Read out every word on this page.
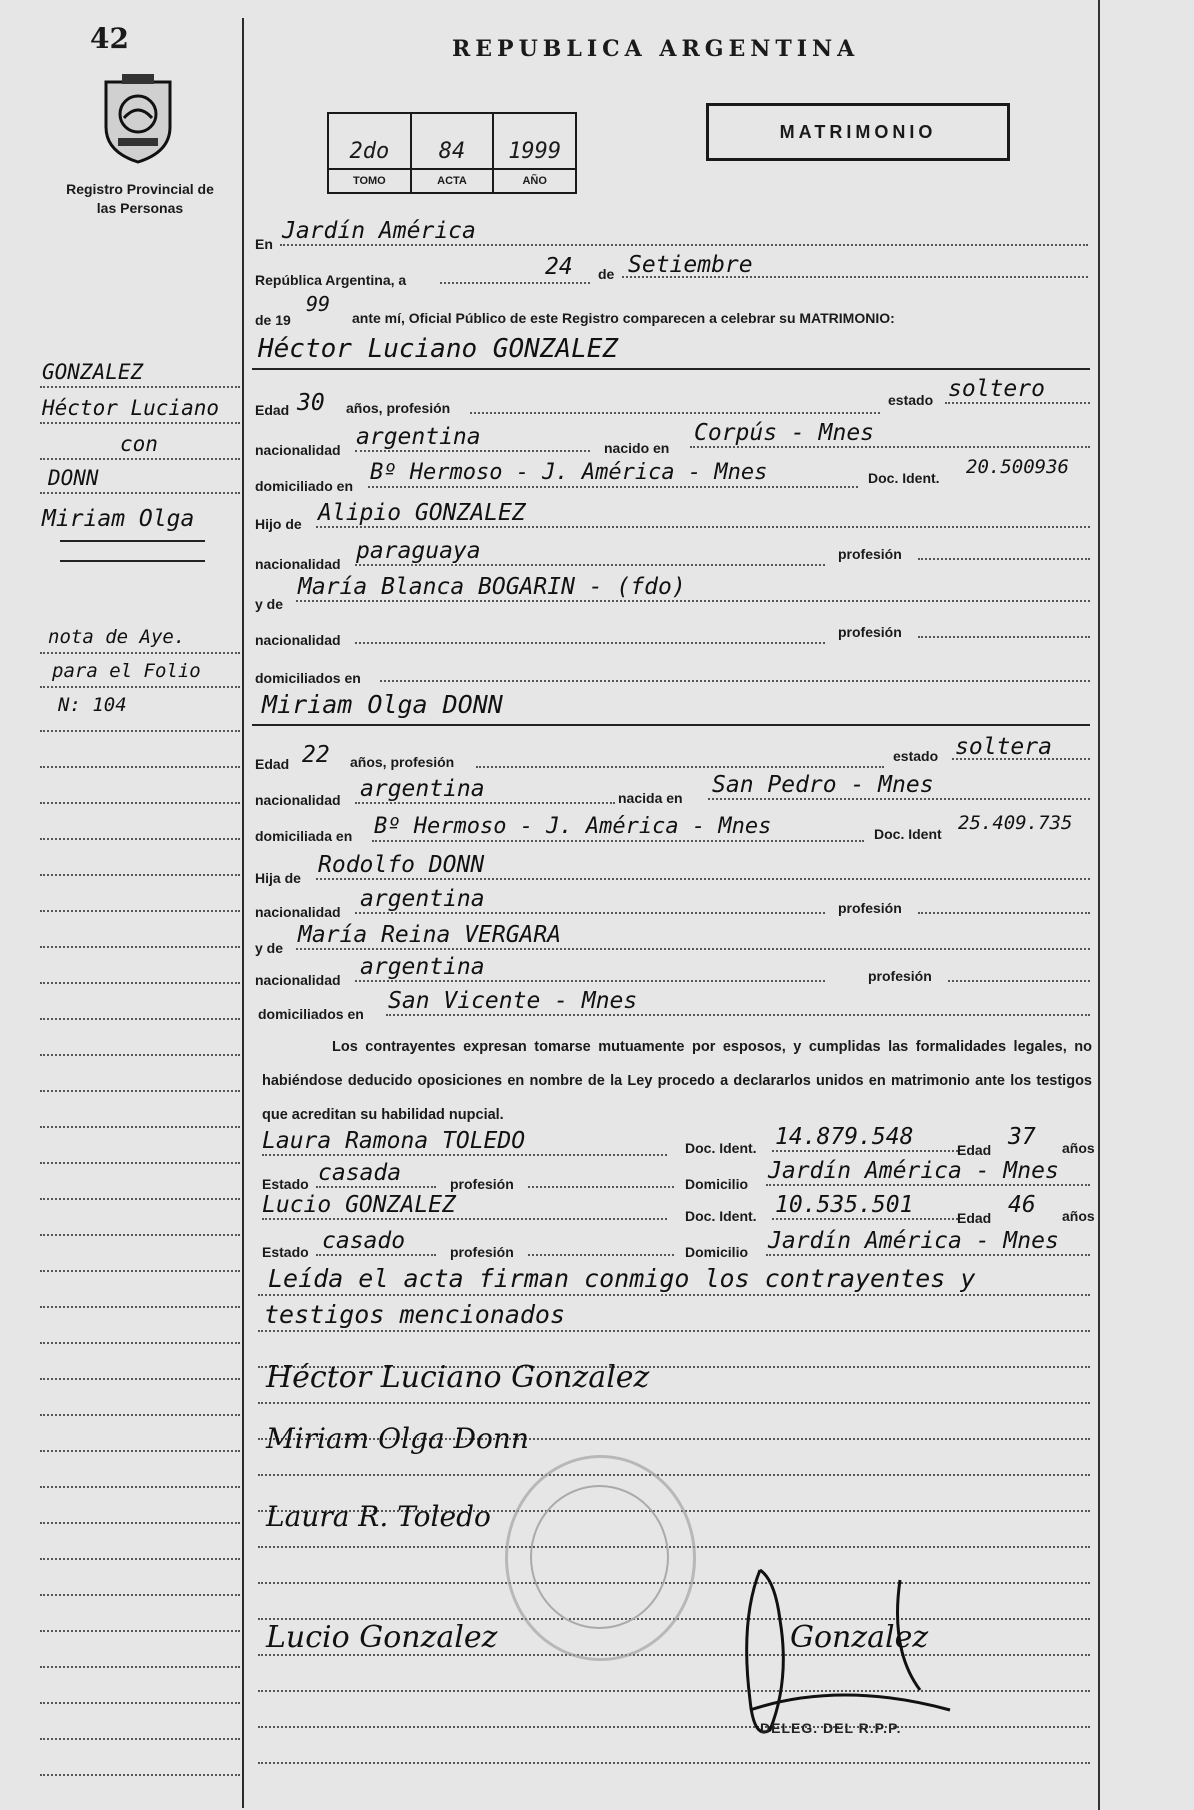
42
Registro Provincial de las Personas
REPUBLICA ARGENTINA
MATRIMONIO
2do
TOMO
84
ACTA
1999
AÑO
GONZALEZ
Héctor Luciano
con
DONN
Miriam Olga
nota de Aye.
para el Folio
N: 104
En Jardín América
República Argentina, a	24 de Setiembre
de 19
99
ante mí, Oficial Público de este Registro comparecen a celebrar su MATRIMONIO:
Héctor Luciano GONZALEZ
Edad 30 años, profesión	estado soltero
nacionalidad argentina	nacido en
Corpús - Mnes
domiciliado en
Bº Hermoso - J. América - Mnes	Doc. Ident. 20.500936
Hijo de Alipio GONZALEZ
nacionalidad paraguaya	profesión
y de
María Blanca BOGARIN - (fdo)
nacionalidad	profesión
domiciliados en
Miriam Olga DONN
Edad 22 años, profesión	estado soltera
nacionalidad argentina	nacida en San Pedro - Mnes
domiciliada en Bº Hermoso - J. América - Mnes	Doc. Ident 25.409.735
Hija de Rodolfo DONN
nacionalidad argentina	profesión
y de María Reina VERGARA
nacionalidad argentina	profesión
domiciliados en San Vicente - Mnes
Los contrayentes expresan tomarse mutuamente por esposos, y cumplidas las formalidades legales, no habiéndose deducido oposiciones en nombre de la Ley procedo a declararlos unidos en matrimonio ante los testigos que acreditan su habilidad nupcial.
Laura Ramona TOLEDO	Doc. Ident. 14.879.548	Edad 37 años
Estado casada	profesión	Domicilio Jardín América - Mnes
Lucio GONZALEZ	Doc. Ident. 10.535.501	Edad 46 años
Estado casado	profesión	Domicilio Jardín América - Mnes
Leída el acta firman conmigo los contrayentes y
testigos mencionados
Héctor Luciano Gonzalez
Miriam Olga Donn
Laura R. Toledo
Lucio Gonzalez	Gonzalez
DELEG. DEL R.P.P.
